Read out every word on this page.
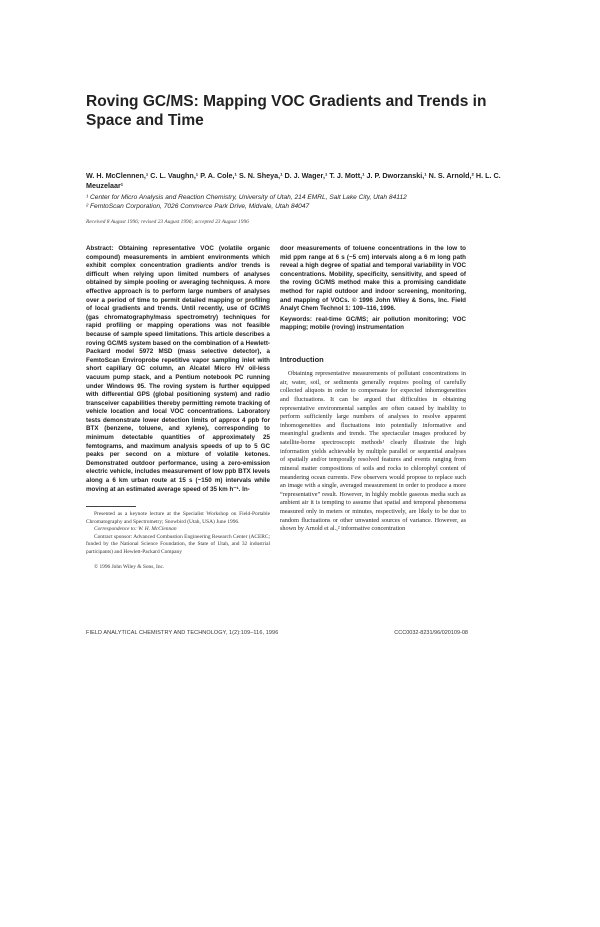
Roving GC/MS: Mapping VOC Gradients and Trends in Space and Time
W. H. McClennen,¹ C. L. Vaughn,¹ P. A. Cole,¹ S. N. Sheya,¹ D. J. Wager,¹ T. J. Mott,¹ J. P. Dworzanski,¹ N. S. Arnold,² H. L. C. Meuzelaar¹
¹ Center for Micro Analysis and Reaction Chemistry, University of Utah, 214 EMRL, Salt Lake City, Utah 84112
² FemtoScan Corporation, 7026 Commerce Park Drive, Midvale, Utah 84047
Received 8 August 1996; revised 23 August 1996; accepted 23 August 1996
Abstract: Obtaining representative VOC (volatile organic compound) measurements in ambient environments which exhibit complex concentration gradients and/or trends is difficult when relying upon limited numbers of analyses obtained by simple pooling or averaging techniques. A more effective approach is to perform large numbers of analyses over a period of time to permit detailed mapping or profiling of local gradients and trends. Until recently, use of GC/MS (gas chromatography/mass spectrometry) techniques for rapid profiling or mapping operations was not feasible because of sample speed limitations. This article describes a roving GC/MS system based on the combination of a Hewlett-Packard model 5972 MSD (mass selective detector), a FemtoScan Enviroprobe repetitive vapor sampling inlet with short capillary GC column, an Alcatel Micro HV oil-less vacuum pump stack, and a Pentium notebook PC running under Windows 95. The roving system is further equipped with differential GPS (global positioning system) and radio transceiver capabilities thereby permitting remote tracking of vehicle location and local VOC concentrations. Laboratory tests demonstrate lower detection limits of approx 4 ppb for BTX (benzene, toluene, and xylene), corresponding to minimum detectable quantities of approximately 25 femtograms, and maximum analysis speeds of up to 5 GC peaks per second on a mixture of volatile ketones. Demonstrated outdoor performance, using a zero-emission electric vehicle, includes measurement of low ppb BTX levels along a 6 km urban route at 15 s (~150 m) intervals while moving at an estimated average speed of 35 km h⁻¹. In-
door measurements of toluene concentrations in the low to mid ppm range at 6 s (~5 cm) intervals along a 6 m long path reveal a high degree of spatial and temporal variability in VOC concentrations. Mobility, specificity, sensitivity, and speed of the roving GC/MS method make this a promising candidate method for rapid outdoor and indoor screening, monitoring, and mapping of VOCs. © 1996 John Wiley & Sons, Inc. Field Analyt Chem Technol 1: 109–116, 1996.
Keywords: real-time GC/MS; air pollution monitoring; VOC mapping; mobile (roving) instrumentation
Introduction
Obtaining representative measurements of pollutant concentrations in air, water, soil, or sediments generally requires pooling of carefully collected aliquots in order to compensate for expected inhomogeneities and fluctuations. It can be argued that difficulties in obtaining representative environmental samples are often caused by inability to perform sufficiently large numbers of analyses to resolve apparent inhomogeneities and fluctuations into potentially informative and meaningful gradients and trends. The spectacular images produced by satellite-borne spectroscopic methods¹ clearly illustrate the high information yields achievable by multiple parallel or sequential analyses of spatially and/or temporally resolved features and events ranging from mineral matter compositions of soils and rocks to chlorophyl content of meandering ocean currents. Few observers would propose to replace such an image with a single, averaged measurement in order to produce a more “representative” result. However, in highly mobile gaseous media such as ambient air it is tempting to assume that spatial and temporal phenomena measured only in meters or minutes, respectively, are likely to be due to random fluctuations or other unwanted sources of variance. However, as shown by Arnold et al.,² informative concentration

Presented as a keynote lecture at the Specialist Workshop on Field-Portable Chromatography and Spectrometry; Snowbird (Utah, USA) June 1996.

Correspondence to: W. H. McClennan

Contract sponsor: Advanced Combustion Engineering Research Center (ACERC; funded by the National Science Foundation, the State of Utah, and 32 industrial participants) and Hewlett-Packard Company

© 1996 John Wiley & Sons, Inc.

FIELD ANALYTICAL CHEMISTRY AND TECHNOLOGY, 1(2):109–116, 1996	CCC0032-8231/96/020109-08
